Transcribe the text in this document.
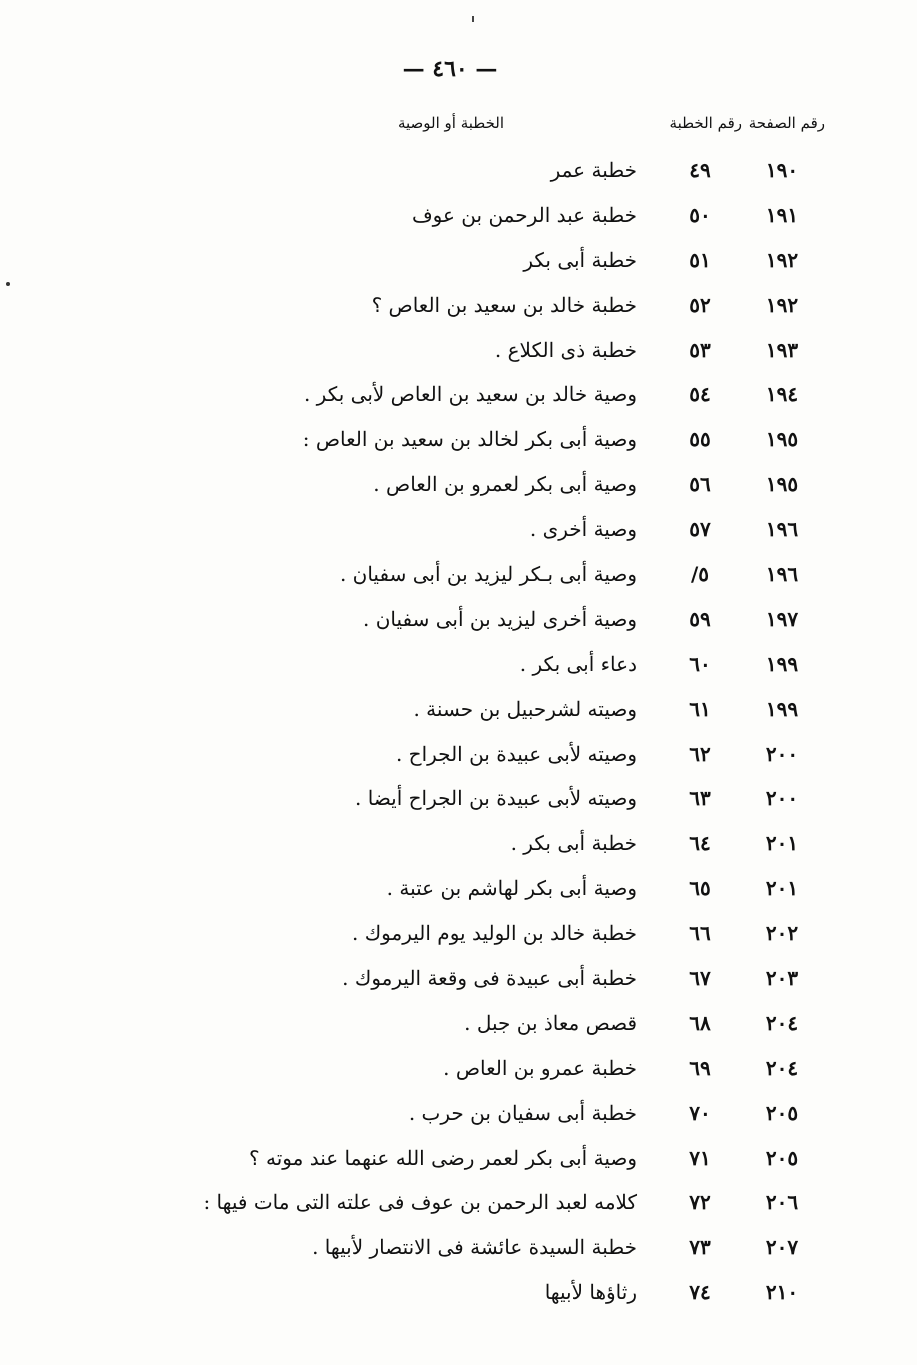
— ٤٦٠ —
الخطبة أو الوصية	رقم الخطبة رقم الصفحة
١٩٠
٤٩
خطبة عمر
١٩١
٥٠
خطبة عبد الرحمن بن عوف
١٩٢
٥١
خطبة أبى بكر
١٩٢
٥٢
خطبة خالد بن سعيد بن العاص ؟
١٩٣
٥٣
خطبة ذى الكلاع .
١٩٤
٥٤
وصية خالد بن سعيد بن العاص لأبى بكر .
١٩٥
٥٥
وصية أبى بكر لخالد بن سعيد بن العاص :
١٩٥
٥٦
وصية أبى بكر لعمرو بن العاص .
١٩٦
٥٧
وصية أخرى .
١٩٦
٥/
وصية أبى بـكر ليزيد بن أبى سفيان .
١٩٧
٥٩
وصية أخرى ليزيد بن أبى سفيان .
١٩٩
٦٠
دعاء أبى بكر .
١٩٩
٦١
وصيته لشرحبيل بن حسنة .
٢٠٠
٦٢
وصيته لأبى عبيدة بن الجراح .
٢٠٠
٦٣
وصيته لأبى عبيدة بن الجراح أيضا .
٢٠١
٦٤
خطبة أبى بكر .
٢٠١
٦٥
وصية أبى بكر لهاشم بن عتبة .
٢٠٢
٦٦
خطبة خالد بن الوليد يوم اليرموك .
٢٠٣
٦٧
خطبة أبى عبيدة فى وقعة اليرموك .
٢٠٤
٦٨
قصص معاذ بن جبل .
٢٠٤
٦٩
خطبة عمرو بن العاص .
٢٠٥
٧٠
خطبة أبى سفيان بن حرب .
٢٠٥
٧١
وصية أبى بكر لعمر رضى الله عنهما عند موته ؟
٢٠٦
٧٢
كلامه لعبد الرحمن بن عوف فى علته التى مات فيها :
٢٠٧
٧٣
خطبة السيدة عائشة فى الانتصار لأبيها .
٢١٠
٧٤
رثاؤها لأبيها
